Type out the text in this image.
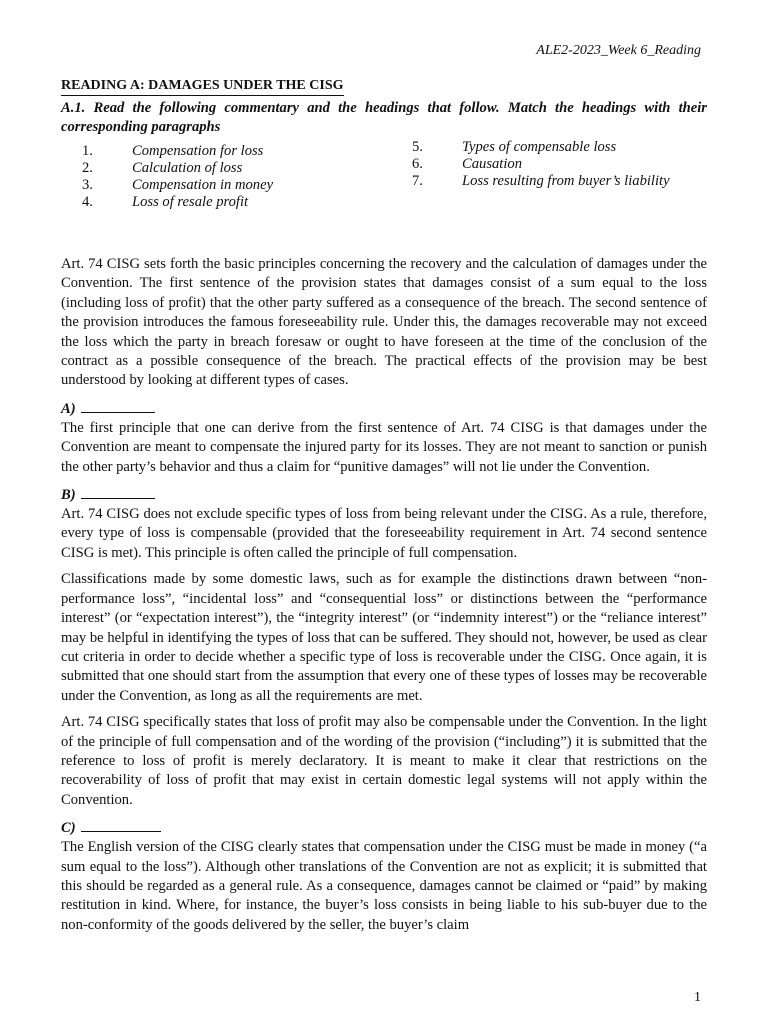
ALE2-2023_Week 6_Reading
READING A: DAMAGES UNDER THE CISG

A.1. Read the following commentary and the headings that follow. Match the headings with their corresponding paragraphs

1.	Compensation for loss
2.	Calculation of loss
3.	Compensation in money
4.	Loss of resale profit
5.	Types of compensable loss
6.	Causation
7.	Loss resulting from buyer’s liability

Art. 74 CISG sets forth the basic principles concerning the recovery and the calculation of damages under the Convention. The first sentence of the provision states that damages consist of a sum equal to the loss (including loss of profit) that the other party suffered as a consequence of the breach. The second sentence of the provision introduces the famous foreseeability rule. Under this, the damages recoverable may not exceed the loss which the party in breach foresaw or ought to have foreseen at the time of the conclusion of the contract as a possible consequence of the breach. The practical effects of the provision may be best understood by looking at different types of cases.

A)

The first principle that one can derive from the first sentence of Art. 74 CISG is that damages under the Convention are meant to compensate the injured party for its losses. They are not meant to sanction or punish the other party’s behavior and thus a claim for “punitive damages” will not lie under the Convention.

B)

Art. 74 CISG does not exclude specific types of loss from being relevant under the CISG. As a rule, therefore, every type of loss is compensable (provided that the foreseeability requirement in Art. 74 second sentence CISG is met). This principle is often called the principle of full compensation.

Classifications made by some domestic laws, such as for example the distinctions drawn between “non-performance loss”, “incidental loss” and “consequential loss” or distinctions between the “performance interest” (or “expectation interest”), the “integrity interest” (or “indemnity interest”) or the “reliance interest” may be helpful in identifying the types of loss that can be suffered. They should not, however, be used as clear cut criteria in order to decide whether a specific type of loss is recoverable under the CISG. Once again, it is submitted that one should start from the assumption that every one of these types of losses may be recoverable under the Convention, as long as all the requirements are met.

Art. 74 CISG specifically states that loss of profit may also be compensable under the Convention. In the light of the principle of full compensation and of the wording of the provision (“including”) it is submitted that the reference to loss of profit is merely declaratory. It is meant to make it clear that restrictions on the recoverability of loss of profit that may exist in certain domestic legal systems will not apply within the Convention.

C)

The English version of the CISG clearly states that compensation under the CISG must be made in money (“a sum equal to the loss”). Although other translations of the Convention are not as explicit; it is submitted that this should be regarded as a general rule. As a consequence, damages cannot be claimed or “paid” by making restitution in kind. Where, for instance, the buyer’s loss consists in being liable to his sub-buyer due to the non-conformity of the goods delivered by the seller, the buyer’s claim

1
